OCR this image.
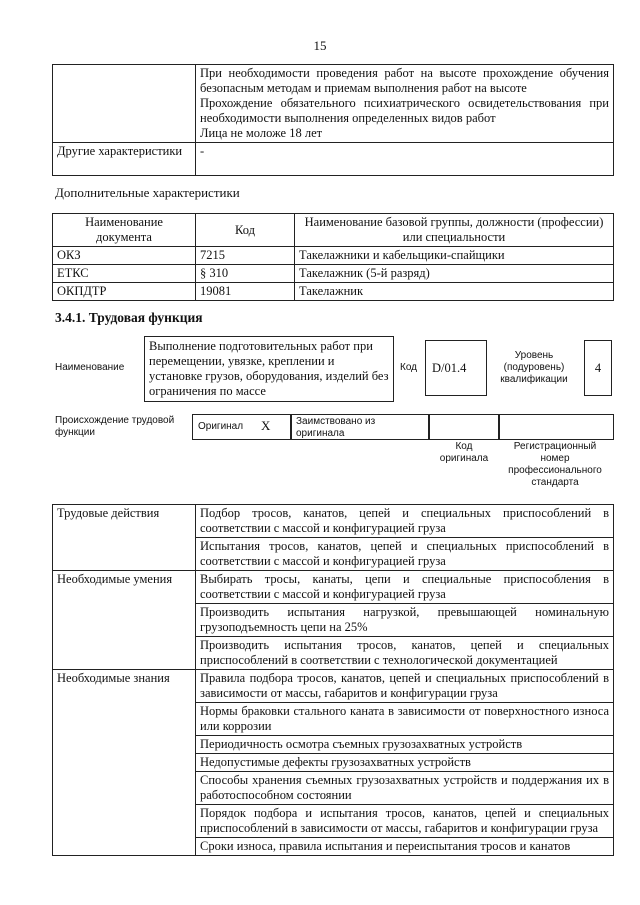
15

	При необходимости проведения работ на высоте прохождение обучения безопасным методам и приемам выполнения работ на высоте
Прохождение обязательного психиатрического освидетельствования при необходимости выполнения определенных видов работ
Лица не моложе 18 лет

Другие характеристики	-
Дополнительные характеристики
Наименование документа	Код	Наименование базовой группы, должности (профессии) или специальности
ОКЗ	7215	Такелажники и кабельщики-спайщики
ЕТКС	§ 310	Такелажник (5-й разряд)
ОКПДТР	19081	Такелажник
3.4.1. Трудовая функция
Наименование
Выполнение подготовительных работ при перемещении, увязке, креплении и установке грузов, оборудования, изделий без ограничения по массе
Код	D/01.4
Уровень (подуровень) квалификации
4
Происхождение трудовой функции
Оригинал X	Заимствовано из оригинала
Код оригинала
Регистрационный номер профессионального стандарта
Трудовые действия	Подбор тросов, канатов, цепей и специальных приспособлений в соответствии с массой и конфигурацией груза
	Испытания тросов, канатов, цепей и специальных приспособлений в соответствии с массой и конфигурацией груза
Необходимые умения	Выбирать тросы, канаты, цепи и специальные приспособления в соответствии с массой и конфигурацией груза
	Производить испытания нагрузкой, превышающей номинальную грузоподъемность цепи на 25%
	Производить испытания тросов, канатов, цепей и специальных приспособлений в соответствии с технологической документацией
Необходимые знания	Правила подбора тросов, канатов, цепей и специальных приспособлений в зависимости от массы, габаритов и конфигурации груза
	Нормы браковки стального каната в зависимости от поверхностного износа или коррозии
	Периодичность осмотра съемных грузозахватных устройств
	Недопустимые дефекты грузозахватных устройств
	Способы хранения съемных грузозахватных устройств и поддержания их в работоспособном состоянии
	Порядок подбора и испытания тросов, канатов, цепей и специальных приспособлений в зависимости от массы, габаритов и конфигурации груза
	Сроки износа, правила испытания и переиспытания тросов и канатов
